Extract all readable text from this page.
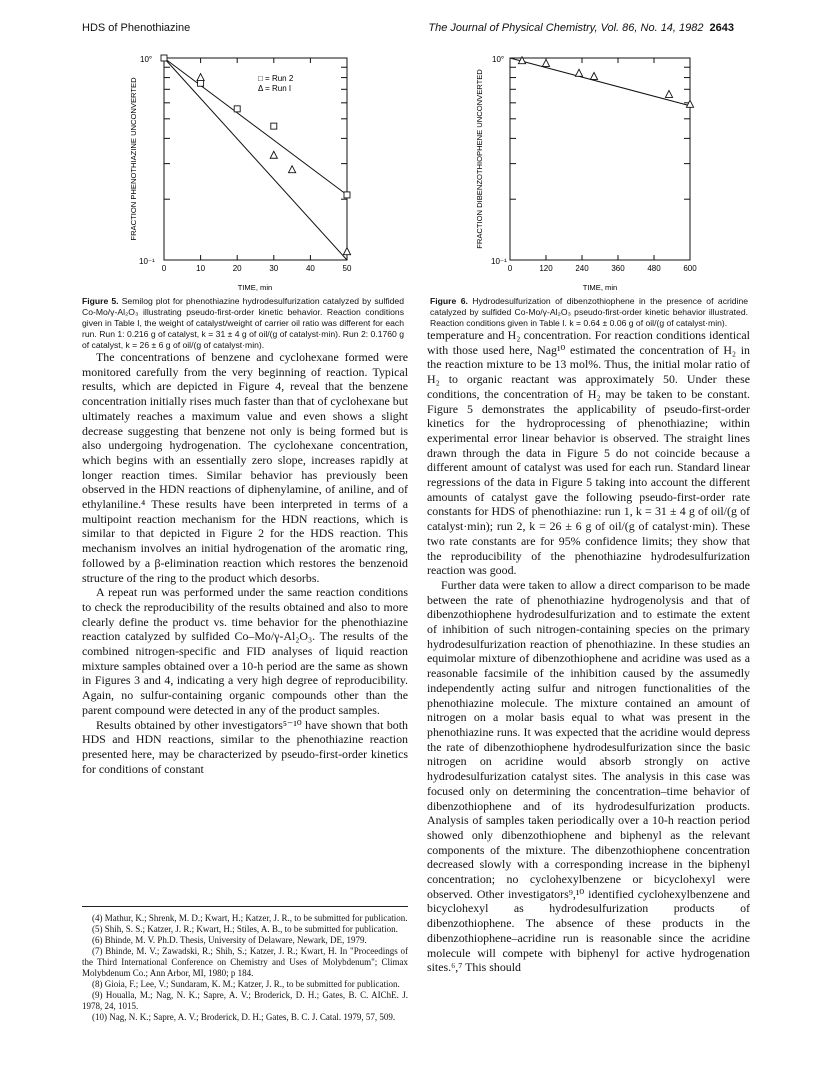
HDS of Phenothiazine	The Journal of Physical Chemistry, Vol. 86, No. 14, 1982 2643
FRACTION PHENOTHIAZINE UNCONVERTED
10°
10⁻¹
0	10	20	30	40	50
□ = Run 2
Δ = Run I
TIME, min
Figure 5. Semilog plot for phenothiazine hydrodesulfurization catalyzed by sulfided Co-Mo/γ-Al₂O₃ illustrating pseudo-first-order kinetic behavior. Reaction conditions given in Table I, the weight of catalyst/weight of carrier oil ratio was different for each run. Run 1: 0.216 g of catalyst, k = 31 ± 4 g of oil/(g of catalyst·min). Run 2: 0.1760 g of catalyst, k = 26 ± 6 g of oil/(g of catalyst·min).
FRACTION DIBENZOTHIOPHENE UNCONVERTED
10°
10⁻¹
0	120	240	360	480	600
TIME, min
Figure 6. Hydrodesulfurization of dibenzothiophene in the presence of acridine catalyzed by sulfided Co-Mo/γ-Al₂O₃ pseudo-first-order kinetic behavior illustrated. Reaction conditions given in Table I. k = 0.64 ± 0.06 g of oil/(g of catalyst·min).

The concentrations of benzene and cyclohexane formed were monitored carefully from the very beginning of reaction. Typical results, which are depicted in Figure 4, reveal that the benzene concentration initially rises much faster than that of cyclohexane but ultimately reaches a maximum value and even shows a slight decrease suggesting that benzene not only is being formed but is also undergoing hydrogenation. The cyclohexane concentration, which begins with an essentially zero slope, increases rapidly at longer reaction times. Similar behavior has previously been observed in the HDN reactions of diphenylamine, of aniline, and of ethylaniline.⁴ These results have been interpreted in terms of a multipoint reaction mechanism for the HDN reactions, which is similar to that depicted in Figure 2 for the HDS reaction. This mechanism involves an initial hydrogenation of the aromatic ring, followed by a β-elimination reaction which restores the benzenoid structure of the ring to the product which desorbs.

A repeat run was performed under the same reaction conditions to check the reproducibility of the results obtained and also to more clearly define the product vs. time behavior for the phenothiazine reaction catalyzed by sulfided Co–Mo/γ-Al₂O₃. The results of the combined nitrogen-specific and FID analyses of liquid reaction mixture samples obtained over a 10-h period are the same as shown in Figures 3 and 4, indicating a very high degree of reproducibility. Again, no sulfur-containing organic compounds other than the parent compound were detected in any of the product samples.

Results obtained by other investigators⁵⁻¹⁰ have shown that both HDS and HDN reactions, similar to the phenothiazine reaction presented here, may be characterized by pseudo-first-order kinetics for conditions of constant

(4) Mathur, K.; Shrenk, M. D.; Kwart, H.; Katzer, J. R., to be submitted for publication.

(5) Shih, S. S.; Katzer, J. R.; Kwart, H.; Stiles, A. B., to be submitted for publication.

(6) Bhinde, M. V. Ph.D. Thesis, University of Delaware, Newark, DE, 1979.

(7) Bhinde, M. V.; Zawadski, R.; Shih, S.; Katzer, J. R.; Kwart, H. In "Proceedings of the Third International Conference on Chemistry and Uses of Molybdenum"; Climax Molybdenum Co.; Ann Arbor, MI, 1980; p 184.

(8) Gioia, F.; Lee, V.; Sundaram, K. M.; Katzer, J. R., to be submitted for publication.

(9) Houalla, M.; Nag, N. K.; Sapre, A. V.; Broderick, D. H.; Gates, B. C. AIChE. J. 1978, 24, 1015.

(10) Nag, N. K.; Sapre, A. V.; Broderick, D. H.; Gates, B. C. J. Catal. 1979, 57, 509.

temperature and H₂ concentration. For reaction conditions identical with those used here, Nag¹⁰ estimated the concentration of H₂ in the reaction mixture to be 13 mol%. Thus, the initial molar ratio of H₂ to organic reactant was approximately 50. Under these conditions, the concentration of H₂ may be taken to be constant. Figure 5 demonstrates the applicability of pseudo-first-order kinetics for the hydroprocessing of phenothiazine; within experimental error linear behavior is observed. The straight lines drawn through the data in Figure 5 do not coincide because a different amount of catalyst was used for each run. Standard linear regressions of the data in Figure 5 taking into account the different amounts of catalyst gave the following pseudo-first-order rate constants for HDS of phenothiazine: run 1, k = 31 ± 4 g of oil/(g of catalyst·min); run 2, k = 26 ± 6 g of oil/(g of catalyst·min). These two rate constants are for 95% confidence limits; they show that the reproducibility of the phenothiazine hydrodesulfurization reaction was good.

Further data were taken to allow a direct comparison to be made between the rate of phenothiazine hydrogenolysis and that of dibenzothiophene hydrodesulfurization and to estimate the extent of inhibition of such nitrogen-containing species on the primary hydrodesulfurization reaction of phenothiazine. In these studies an equimolar mixture of dibenzothiophene and acridine was used as a reasonable facsimile of the inhibition caused by the assumedly independently acting sulfur and nitrogen functionalities of the phenothiazine molecule. The mixture contained an amount of nitrogen on a molar basis equal to what was present in the phenothiazine runs. It was expected that the acridine would depress the rate of dibenzothiophene hydrodesulfurization since the basic nitrogen on acridine would absorb strongly on active hydrodesulfurization catalyst sites. The analysis in this case was focused only on determining the concentration–time behavior of dibenzothiophene and of its hydrodesulfurization products. Analysis of samples taken periodically over a 10-h reaction period showed only dibenzothiophene and biphenyl as the relevant components of the mixture. The dibenzothiophene concentration decreased slowly with a corresponding increase in the biphenyl concentration; no cyclohexylbenzene or bicyclohexyl were observed. Other investigators⁹,¹⁰ identified cyclohexylbenzene and bicyclohexyl as hydrodesulfurization products of dibenzothiophene. The absence of these products in the dibenzothiophene–acridine run is reasonable since the acridine molecule will compete with biphenyl for active hydrogenation sites.⁶,⁷ This should
